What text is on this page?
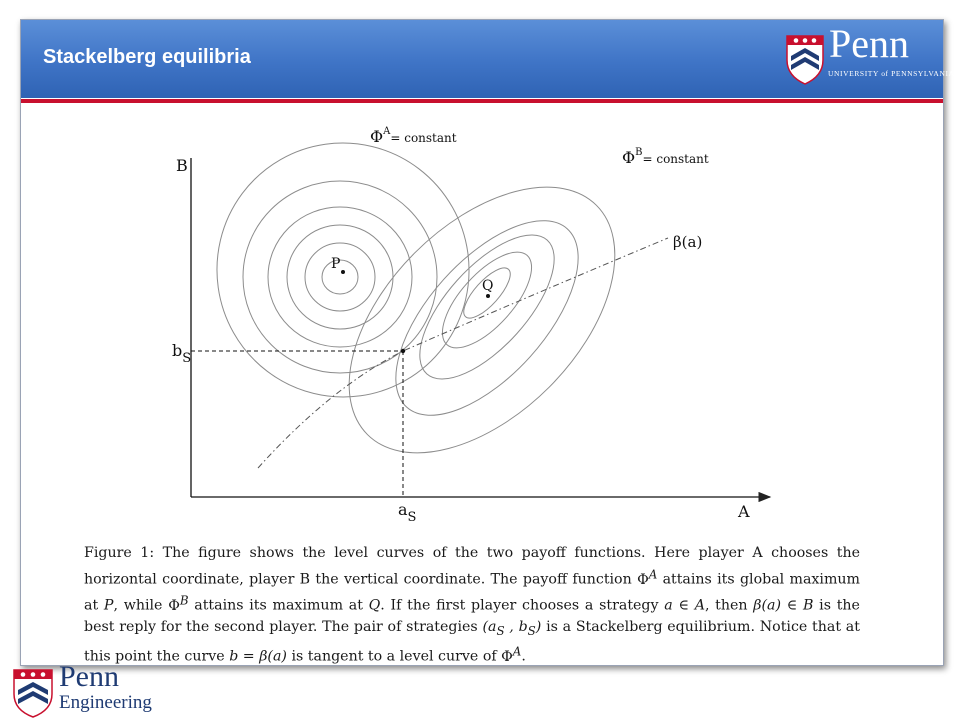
Stackelberg equilibria	Penn
UNIVERSITY of PENNSYLVANIA
$\Phi^A_{= constant}$
$\Phi^B_{= constant}$
β(a)
P
Q
B
A
$b_S$
$a_S$
Figure 1: The figure shows the level curves of the two payoff functions. Here player A chooses the horizontal coordinate, player B the vertical coordinate. The payoff function $\Phi^A$ attains its global maximum at P, while $\Phi^B$ attains its maximum at Q. If the first player chooses a strategy a ∈ A, then β(a) ∈ B is the best reply for the second player. The pair of strategies ($a_S$ , $b_S$) is a Stackelberg equilibrium. Notice that at this point the curve b = β(a) is tangent to a level curve of $\Phi^A$.
Penn
Engineering
